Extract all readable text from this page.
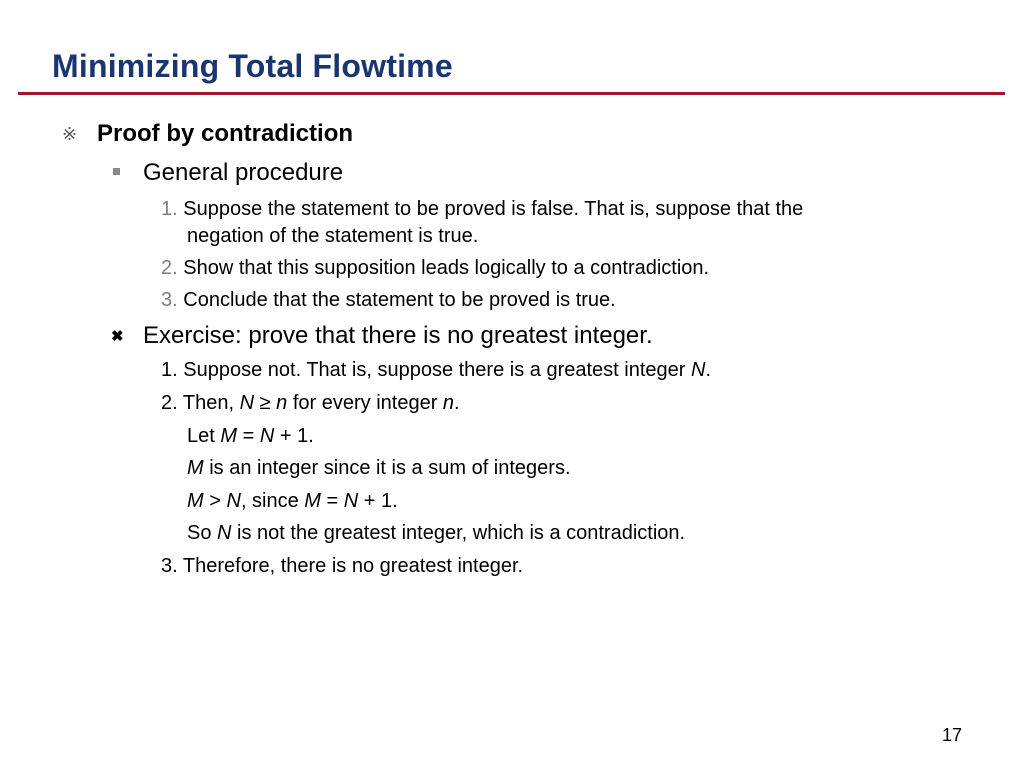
Minimizing Total Flowtime
※ Proof by contradiction
General procedure
1. Suppose the statement to be proved is false. That is, suppose that the
negation of the statement is true.
2. Show that this supposition leads logically to a contradiction.
3. Conclude that the statement to be proved is true.
✖ Exercise: prove that there is no greatest integer.
1. Suppose not. That is, suppose there is a greatest integer N.
2. Then, N ≥ n for every integer n.
Let M = N + 1.
M is an integer since it is a sum of integers.
M > N, since M = N + 1.
So N is not the greatest integer, which is a contradiction.
3. Therefore, there is no greatest integer.
17
